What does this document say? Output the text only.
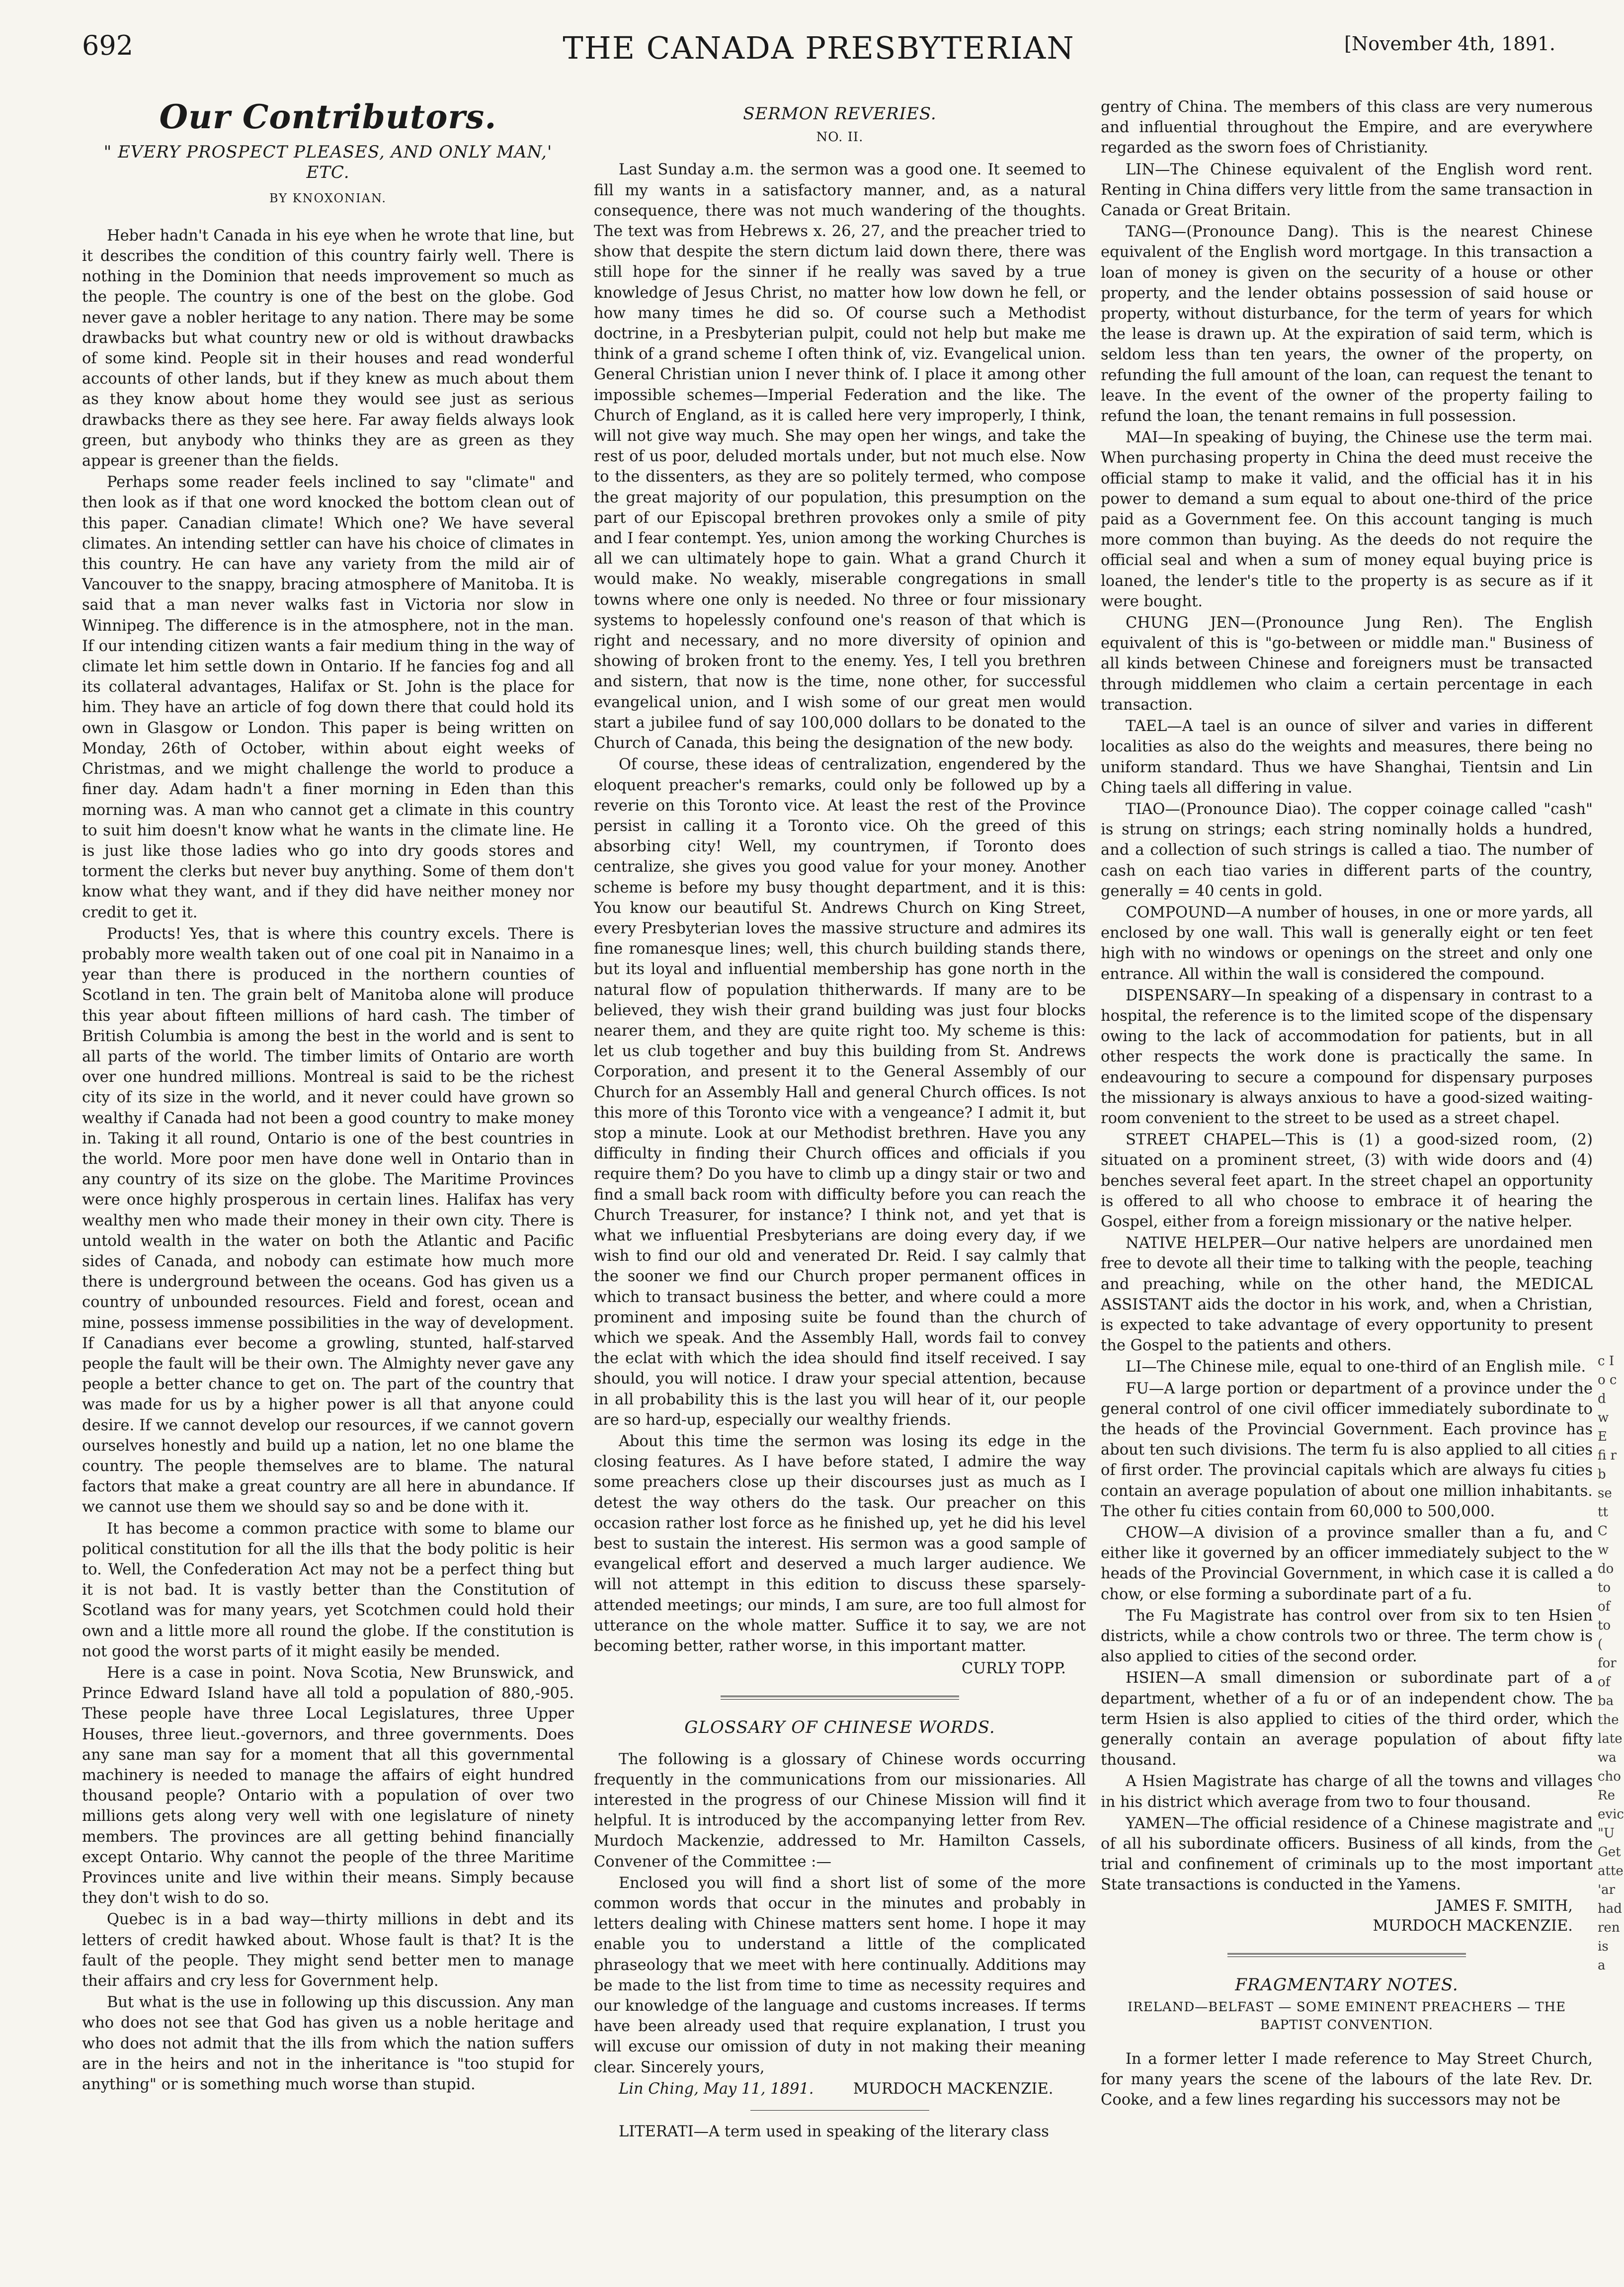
692	THE CANADA PRESBYTERIAN	[November 4th, 1891.
Our Contributors.
" EVERY PROSPECT PLEASES, AND ONLY MAN,' ETC.
BY KNOXONIAN.

Heber hadn't Canada in his eye when he wrote that line, but it describes the condition of this country fairly well. There is nothing in the Dominion that needs improvement so much as the people. The country is one of the best on the globe. God never gave a nobler heritage to any nation. There may be some drawbacks but what country new or old is without drawbacks of some kind. People sit in their houses and read wonderful accounts of other lands, but if they knew as much about them as they know about home they would see just as serious drawbacks there as they see here. Far away fields always look green, but anybody who thinks they are as green as they appear is greener than the fields.

Perhaps some reader feels inclined to say "climate" and then look as if that one word knocked the bottom clean out of this paper. Canadian climate! Which one? We have several climates. An intending settler can have his choice of climates in this country. He can have any variety from the mild air of Vancouver to the snappy, bracing atmosphere of Manitoba. It is said that a man never walks fast in Victoria nor slow in Winnipeg. The difference is in the atmosphere, not in the man. If our intending citizen wants a fair medium thing in the way of climate let him settle down in Ontario. If he fancies fog and all its collateral advantages, Halifax or St. John is the place for him. They have an article of fog down there that could hold its own in Glasgow or London. This paper is being written on Monday, 26th of October, within about eight weeks of Christmas, and we might challenge the world to produce a finer day. Adam hadn't a finer morning in Eden than this morning was. A man who cannot get a climate in this country to suit him doesn't know what he wants in the climate line. He is just like those ladies who go into dry goods stores and torment the clerks but never buy anything. Some of them don't know what they want, and if they did have neither money nor credit to get it.

Products! Yes, that is where this country excels. There is probably more wealth taken out of one coal pit in Nanaimo in a year than there is produced in the northern counties of Scotland in ten. The grain belt of Manitoba alone will produce this year about fifteen millions of hard cash. The timber of British Columbia is among the best in the world and is sent to all parts of the world. The timber limits of Ontario are worth over one hundred millions. Montreal is said to be the richest city of its size in the world, and it never could have grown so wealthy if Canada had not been a good country to make money in. Taking it all round, Ontario is one of the best countries in the world. More poor men have done well in Ontario than in any country of its size on the globe. The Maritime Provinces were once highly prosperous in certain lines. Halifax has very wealthy men who made their money in their own city. There is untold wealth in the water on both the Atlantic and Pacific sides of Canada, and nobody can estimate how much more there is underground between the oceans. God has given us a country of unbounded resources. Field and forest, ocean and mine, possess immense possibilities in the way of development. If Canadians ever become a growling, stunted, half-starved people the fault will be their own. The Almighty never gave any people a better chance to get on. The part of the country that was made for us by a higher power is all that anyone could desire. If we cannot develop our resources, if we cannot govern ourselves honestly and build up a nation, let no one blame the country. The people themselves are to blame. The natural factors that make a great country are all here in abundance. If we cannot use them we should say so and be done with it.

It has become a common practice with some to blame our political constitution for all the ills that the body politic is heir to. Well, the Confederation Act may not be a perfect thing but it is not bad. It is vastly better than the Constitution of Scotland was for many years, yet Scotchmen could hold their own and a little more all round the globe. If the constitution is not good the worst parts of it might easily be mended.

Here is a case in point. Nova Scotia, New Brunswick, and Prince Edward Island have all told a population of 880,-905. These people have three Local Legislatures, three Upper Houses, three lieut.-governors, and three governments. Does any sane man say for a moment that all this governmental machinery is needed to manage the affairs of eight hundred thousand people? Ontario with a population of over two millions gets along very well with one legislature of ninety members. The provinces are all getting behind financially except Ontario. Why cannot the people of the three Maritime Provinces unite and live within their means. Simply because they don't wish to do so.

Quebec is in a bad way—thirty millions in debt and its letters of credit hawked about. Whose fault is that? It is the fault of the people. They might send better men to manage their affairs and cry less for Government help.

But what is the use in following up this discussion. Any man who does not see that God has given us a noble heritage and who does not admit that the ills from which the nation suffers are in the heirs and not in the inheritance is "too stupid for anything" or is something much worse than stupid.

SERMON REVERIES.
NO. II.

Last Sunday a.m. the sermon was a good one. It seemed to fill my wants in a satisfactory manner, and, as a natural consequence, there was not much wandering of the thoughts. The text was from Hebrews x. 26, 27, and the preacher tried to show that despite the stern dictum laid down there, there was still hope for the sinner if he really was saved by a true knowledge of Jesus Christ, no matter how low down he fell, or how many times he did so. Of course such a Methodist doctrine, in a Presbyterian pulpit, could not help but make me think of a grand scheme I often think of, viz. Evangelical union. General Christian union I never think of. I place it among other impossible schemes—Imperial Federation and the like. The Church of England, as it is called here very improperly, I think, will not give way much. She may open her wings, and take the rest of us poor, deluded mortals under, but not much else. Now to the dissenters, as they are so politely termed, who compose the great majority of our population, this presumption on the part of our Episcopal brethren provokes only a smile of pity and I fear contempt. Yes, union among the working Churches is all we can ultimately hope to gain. What a grand Church it would make. No weakly, miserable congregations in small towns where one only is needed. No three or four missionary systems to hopelessly confound one's reason of that which is right and necessary, and no more diversity of opinion and showing of broken front to the enemy. Yes, I tell you brethren and sistern, that now is the time, none other, for successful evangelical union, and I wish some of our great men would start a jubilee fund of say 100,000 dollars to be donated to the Church of Canada, this being the designation of the new body.

Of course, these ideas of centralization, engendered by the eloquent preacher's remarks, could only be followed up by a reverie on this Toronto vice. At least the rest of the Province persist in calling it a Toronto vice. Oh the greed of this absorbing city! Well, my countrymen, if Toronto does centralize, she gives you good value for your money. Another scheme is before my busy thought department, and it is this: You know our beautiful St. Andrews Church on King Street, every Presbyterian loves the massive structure and admires its fine romanesque lines; well, this church building stands there, but its loyal and influential membership has gone north in the natural flow of population thitherwards. If many are to be believed, they wish their grand building was just four blocks nearer them, and they are quite right too. My scheme is this: let us club together and buy this building from St. Andrews Corporation, and present it to the General Assembly of our Church for an Assembly Hall and general Church offices. Is not this more of this Toronto vice with a vengeance? I admit it, but stop a minute. Look at our Methodist brethren. Have you any difficulty in finding their Church offices and officials if you require them? Do you have to climb up a dingy stair or two and find a small back room with difficulty before you can reach the Church Treasurer, for instance? I think not, and yet that is what we influential Presbyterians are doing every day, if we wish to find our old and venerated Dr. Reid. I say calmly that the sooner we find our Church proper permanent offices in which to transact business the better, and where could a more prominent and imposing suite be found than the church of which we speak. And the Assembly Hall, words fail to convey the eclat with which the idea should find itself received. I say should, you will notice. I draw your special attention, because in all probability this is the last you will hear of it, our people are so hard-up, especially our wealthy friends.

About this time the sermon was losing its edge in the closing features. As I have before stated, I admire the way some preachers close up their discourses just as much as I detest the way others do the task. Our preacher on this occasion rather lost force as he finished up, yet he did his level best to sustain the interest. His sermon was a good sample of evangelical effort and deserved a much larger audience. We will not attempt in this edition to discuss these sparsely-attended meetings; our minds, I am sure, are too full almost for utterance on the whole matter. Suffice it to say, we are not becoming better, rather worse, in this important matter.

CURLY TOPP.
GLOSSARY OF CHINESE WORDS.

The following is a glossary of Chinese words occurring frequently in the communications from our missionaries. All interested in the progress of our Chinese Mission will find it helpful. It is introduced by the accompanying letter from Rev. Murdoch Mackenzie, addressed to Mr. Hamilton Cassels, Convener of the Committee :—

Enclosed you will find a short list of some of the more common words that occur in the minutes and probably in letters dealing with Chinese matters sent home. I hope it may enable you to understand a little of the complicated phraseology that we meet with here continually. Additions may be made to the list from time to time as necessity requires and our knowledge of the language and customs increases. If terms have been already used that require explanation, I trust you will excuse our omission of duty in not making their meaning clear. Sincerely yours,

Lin Ching, May 11, 1891.	MURDOCH MACKENZIE.

LITERATI—A term used in speaking of the literary class

gentry of China. The members of this class are very numerous and influential throughout the Empire, and are everywhere regarded as the sworn foes of Christianity.

LIN—The Chinese equivalent of the English word rent. Renting in China differs very little from the same transaction in Canada or Great Britain.

TANG—(Pronounce Dang). This is the nearest Chinese equivalent of the English word mortgage. In this transaction a loan of money is given on the security of a house or other property, and the lender obtains possession of said house or property, without disturbance, for the term of years for which the lease is drawn up. At the expiration of said term, which is seldom less than ten years, the owner of the property, on refunding the full amount of the loan, can request the tenant to leave. In the event of the owner of the property failing to refund the loan, the tenant remains in full possession.

MAI—In speaking of buying, the Chinese use the term mai. When purchasing property in China the deed must receive the official stamp to make it valid, and the official has it in his power to demand a sum equal to about one-third of the price paid as a Government fee. On this account tanging is much more common than buying. As the deeds do not require the official seal and when a sum of money equal buying price is loaned, the lender's title to the property is as secure as if it were bought.

CHUNG JEN—(Pronounce Jung Ren). The English equivalent of this is "go-between or middle man." Business of all kinds between Chinese and foreigners must be transacted through middlemen who claim a certain percentage in each transaction.

TAEL—A tael is an ounce of silver and varies in different localities as also do the weights and measures, there being no uniform standard. Thus we have Shanghai, Tientsin and Lin Ching taels all differing in value.

TIAO—(Pronounce Diao). The copper coinage called "cash" is strung on strings; each string nominally holds a hundred, and a collection of such strings is called a tiao. The number of cash on each tiao varies in different parts of the country, generally = 40 cents in gold.

COMPOUND—A number of houses, in one or more yards, all enclosed by one wall. This wall is generally eight or ten feet high with no windows or openings on the street and only one entrance. All within the wall is considered the compound.

DISPENSARY—In speaking of a dispensary in contrast to a hospital, the reference is to the limited scope of the dispensary owing to the lack of accommodation for patients, but in all other respects the work done is practically the same. In endeavouring to secure a compound for dispensary purposes the missionary is always anxious to have a good-sized waiting-room convenient to the street to be used as a street chapel.

STREET CHAPEL—This is (1) a good-sized room, (2) situated on a prominent street, (3) with wide doors and (4) benches several feet apart. In the street chapel an opportunity is offered to all who choose to embrace it of hearing the Gospel, either from a foreign missionary or the native helper.

NATIVE HELPER—Our native helpers are unordained men free to devote all their time to talking with the people, teaching and preaching, while on the other hand, the MEDICAL ASSISTANT aids the doctor in his work, and, when a Christian, is expected to take advantage of every opportunity to present the Gospel to the patients and others.

LI—The Chinese mile, equal to one-third of an English mile.

FU—A large portion or department of a province under the general control of one civil officer immediately subordinate to the heads of the Provincial Government. Each province has about ten such divisions. The term fu is also applied to all cities of first order. The provincial capitals which are always fu cities contain an average population of about one million inhabitants. The other fu cities contain from 60,000 to 500,000.

CHOW—A division of a province smaller than a fu, and either like it governed by an officer immediately subject to the heads of the Provincial Government, in which case it is called a chow, or else forming a subordinate part of a fu.

The Fu Magistrate has control over from six to ten Hsien districts, while a chow controls two or three. The term chow is also applied to cities of the second order.

HSIEN—A small dimension or subordinate part of a department, whether of a fu or of an independent chow. The term Hsien is also applied to cities of the third order, which generally contain an average population of about fifty thousand.

A Hsien Magistrate has charge of all the towns and villages in his district which average from two to four thousand.

YAMEN—The official residence of a Chinese magistrate and of all his subordinate officers. Business of all kinds, from the trial and confinement of criminals up to the most important State transactions is conducted in the Yamens.

JAMES F. SMITH,
MURDOCH MACKENZIE.
FRAGMENTARY NOTES.
IRELAND—BELFAST — SOME EMINENT PREACHERS — THE BAPTIST CONVENTION.

In a former letter I made reference to May Street Church, for many years the scene of the labours of the late Rev. Dr. Cooke, and a few lines regarding his successors may not be

c I o c d w E fi r b se tt C w do to of to ( for of ba the late wa cho Re evic "U Get atte 'ar had ren is a
